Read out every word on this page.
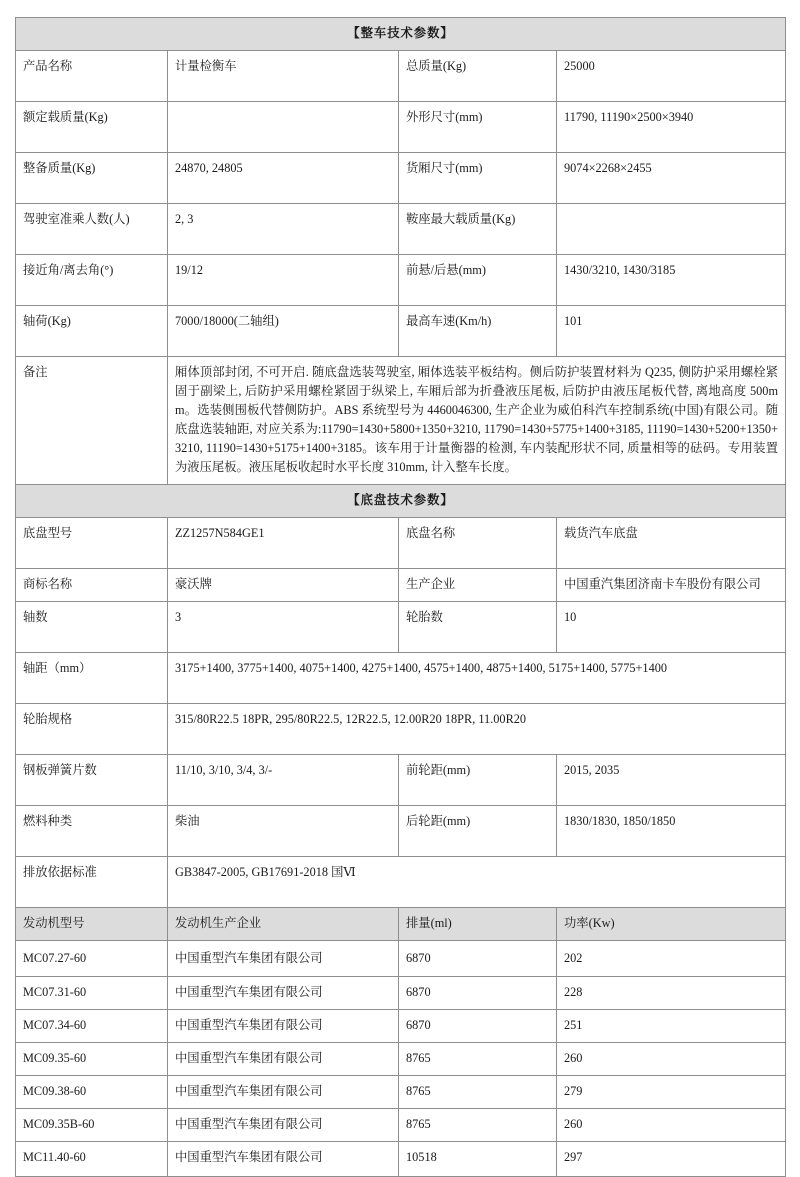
【整车技术参数】			
产品名称	计量检衡车	总质量(Kg)	25000
额定载质量(Kg)		外形尺寸(mm)	11790, 11190×2500×3940
整备质量(Kg)	24870, 24805	货厢尺寸(mm)	9074×2268×2455
驾驶室准乘人数(人)	2, 3	鞍座最大载质量(Kg)	
接近角/离去角(°)	19/12	前悬/后悬(mm)	1430/3210, 1430/3185
轴荷(Kg)	7000/18000(二轴组)	最高车速(Km/h)	101
备注	厢体顶部封闭, 不可开启. 随底盘选装驾驶室, 厢体选装平板结构。侧后防护装置材料为 Q235, 侧防护采用螺栓紧固于副梁上, 后防护采用螺栓紧固于纵梁上, 车厢后部为折叠液压尾板, 后防护由液压尾板代替, 离地高度 500mm。选装侧围板代替侧防护。ABS 系统型号为 4460046300, 生产企业为威伯科汽车控制系统(中国)有限公司。随底盘选装轴距, 对应关系为:11790=1430+5800+1350+3210, 11790=1430+5775+1400+3185, 11190=1430+5200+1350+3210, 11190=1430+5175+1400+3185。该车用于计量衡器的检测, 车内装配形状不同, 质量相等的砝码。专用装置为液压尾板。液压尾板收起时水平长度 310mm, 计入整车长度。		
【底盘技术参数】			
底盘型号	ZZ1257N584GE1	底盘名称	载货汽车底盘
商标名称	豪沃牌	生产企业	中国重汽集团济南卡车股份有限公司
轴数	3	轮胎数	10
轴距（mm）	3175+1400, 3775+1400, 4075+1400, 4275+1400, 4575+1400, 4875+1400, 5175+1400, 5775+1400		
轮胎规格	315/80R22.5 18PR, 295/80R22.5, 12R22.5, 12.00R20 18PR, 11.00R20		
钢板弹簧片数	11/10, 3/10, 3/4, 3/-	前轮距(mm)	2015, 2035
燃料种类	柴油	后轮距(mm)	1830/1830, 1850/1850
排放依据标准	GB3847-2005, GB17691-2018 国Ⅵ		
发动机型号	发动机生产企业	排量(ml)	功率(Kw)
MC07.27-60	中国重型汽车集团有限公司	6870	202
MC07.31-60	中国重型汽车集团有限公司	6870	228
MC07.34-60	中国重型汽车集团有限公司	6870	251
MC09.35-60	中国重型汽车集团有限公司	8765	260
MC09.38-60	中国重型汽车集团有限公司	8765	279
MC09.35B-60	中国重型汽车集团有限公司	8765	260
MC11.40-60	中国重型汽车集团有限公司	10518	297
